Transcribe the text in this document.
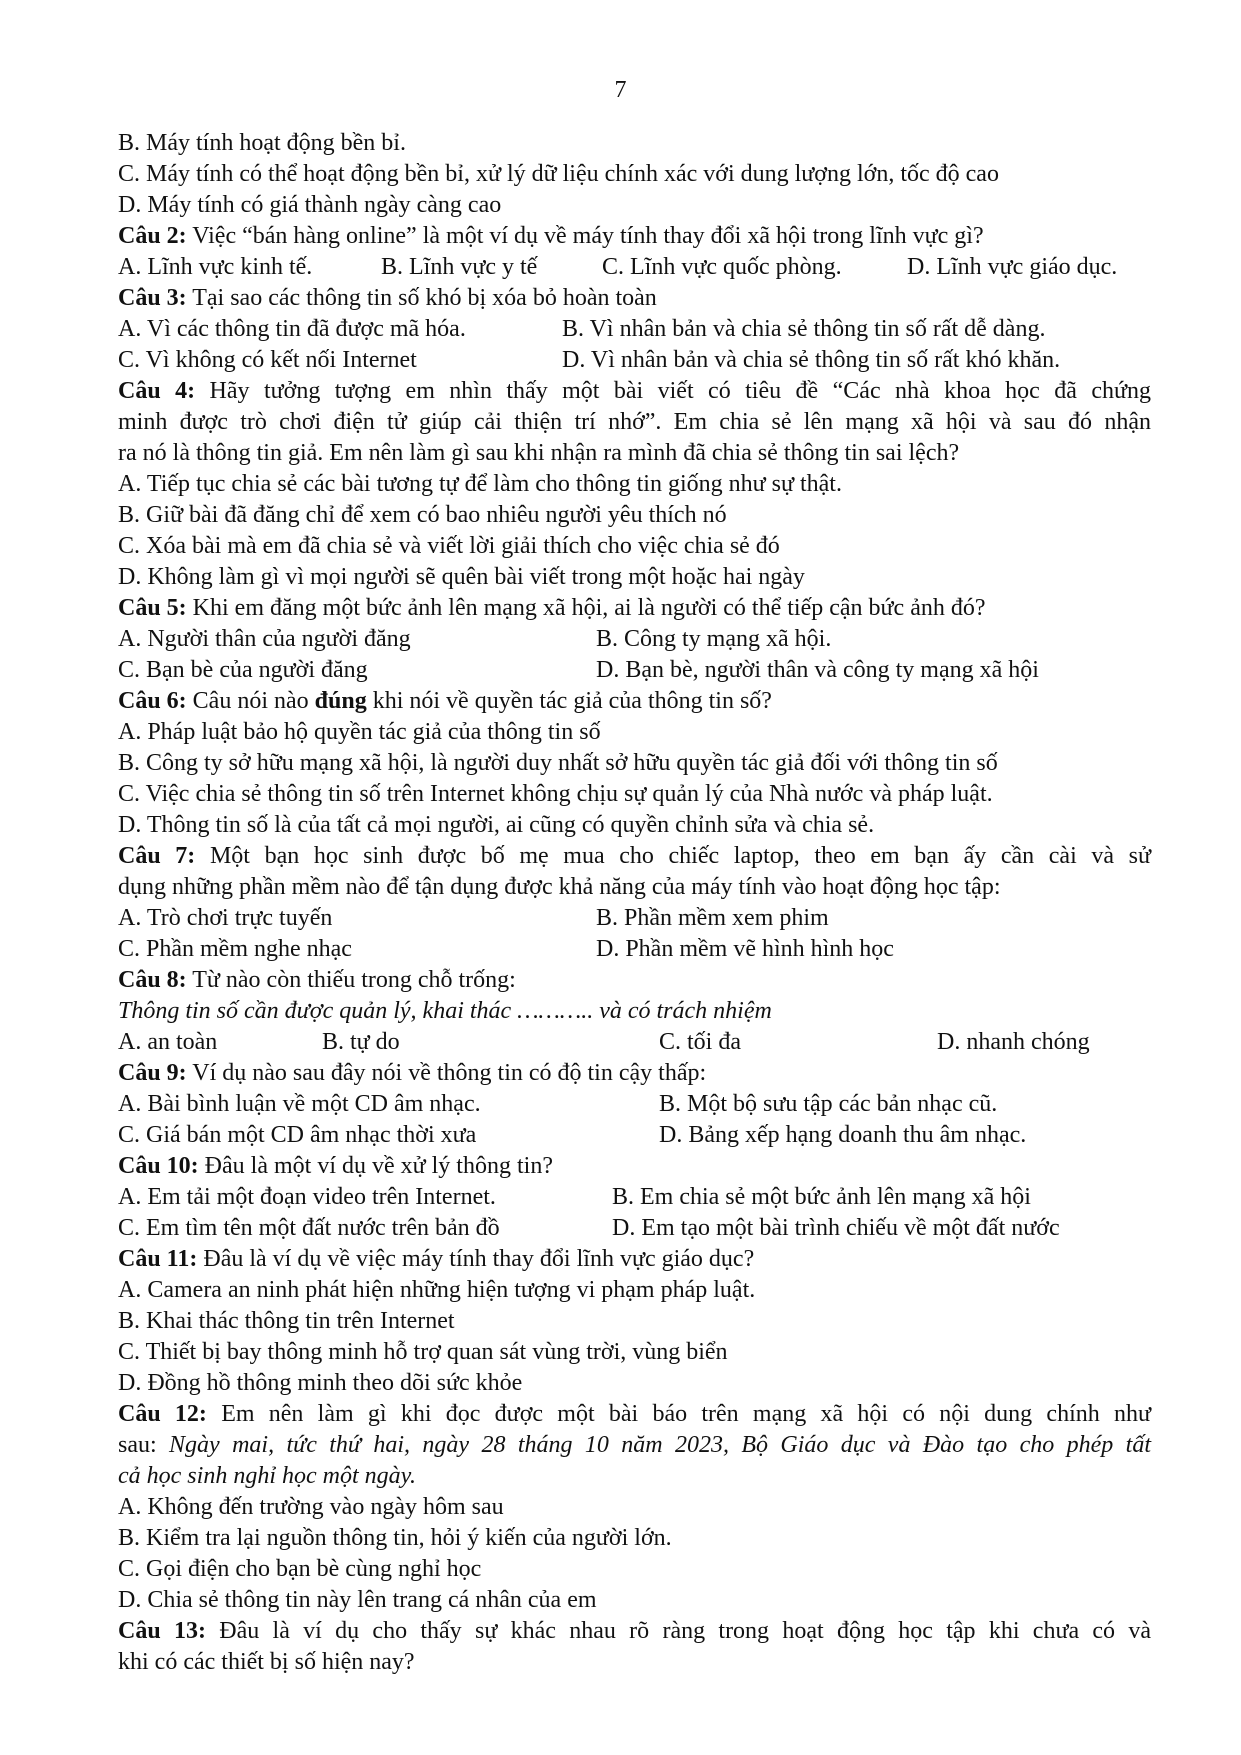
7
B. Máy tính hoạt động bền bỉ.
C. Máy tính có thể hoạt động bền bỉ, xử lý dữ liệu chính xác với dung lượng lớn, tốc độ cao
D. Máy tính có giá thành ngày càng cao
Câu 2: Việc “bán hàng online” là một ví dụ về máy tính thay đổi xã hội trong lĩnh vực gì?
A. Lĩnh vực kinh tế.	B. Lĩnh vực y tế	C. Lĩnh vực quốc phòng.	D. Lĩnh vực giáo dục.
Câu 3: Tại sao các thông tin số khó bị xóa bỏ hoàn toàn
A. Vì các thông tin đã được mã hóa.	B. Vì nhân bản và chia sẻ thông tin số rất dễ dàng.
C. Vì không có kết nối Internet	D. Vì nhân bản và chia sẻ thông tin số rất khó khăn.
Câu 4: Hãy tưởng tượng em nhìn thấy một bài viết có tiêu đề “Các nhà khoa học đã chứng
minh được trò chơi điện tử giúp cải thiện trí nhớ”. Em chia sẻ lên mạng xã hội và sau đó nhận
ra nó là thông tin giả. Em nên làm gì sau khi nhận ra mình đã chia sẻ thông tin sai lệch?
A. Tiếp tục chia sẻ các bài tương tự để làm cho thông tin giống như sự thật.
B. Giữ bài đã đăng chỉ để xem có bao nhiêu người yêu thích nó
C. Xóa bài mà em đã chia sẻ và viết lời giải thích cho việc chia sẻ đó
D. Không làm gì vì mọi người sẽ quên bài viết trong một hoặc hai ngày
Câu 5: Khi em đăng một bức ảnh lên mạng xã hội, ai là người có thể tiếp cận bức ảnh đó?
A. Người thân của người đăng	B. Công ty mạng xã hội.
C. Bạn bè của người đăng	D. Bạn bè, người thân và công ty mạng xã hội
Câu 6: Câu nói nào đúng khi nói về quyền tác giả của thông tin số?
A. Pháp luật bảo hộ quyền tác giả của thông tin số
B. Công ty sở hữu mạng xã hội, là người duy nhất sở hữu quyền tác giả đối với thông tin số
C. Việc chia sẻ thông tin số trên Internet không chịu sự quản lý của Nhà nước và pháp luật.
D. Thông tin số là của tất cả mọi người, ai cũng có quyền chỉnh sửa và chia sẻ.
Câu 7: Một bạn học sinh được bố mẹ mua cho chiếc laptop, theo em bạn ấy cần cài và sử
dụng những phần mềm nào để tận dụng được khả năng của máy tính vào hoạt động học tập:
A. Trò chơi trực tuyến	B. Phần mềm xem phim
C. Phần mềm nghe nhạc	D. Phần mềm vẽ hình hình học
Câu 8: Từ nào còn thiếu trong chỗ trống:
Thông tin số cần được quản lý, khai thác ……….. và có trách nhiệm
A. an toàn	B. tự do	C. tối đa	D. nhanh chóng
Câu 9: Ví dụ nào sau đây nói về thông tin có độ tin cậy thấp:
A. Bài bình luận về một CD âm nhạc.	B. Một bộ sưu tập các bản nhạc cũ.
C. Giá bán một CD âm nhạc thời xưa	D. Bảng xếp hạng doanh thu âm nhạc.
Câu 10: Đâu là một ví dụ về xử lý thông tin?
A. Em tải một đoạn video trên Internet.	B. Em chia sẻ một bức ảnh lên mạng xã hội
C. Em tìm tên một đất nước trên bản đồ	D. Em tạo một bài trình chiếu về một đất nước
Câu 11: Đâu là ví dụ về việc máy tính thay đổi lĩnh vực giáo dục?
A. Camera an ninh phát hiện những hiện tượng vi phạm pháp luật.
B. Khai thác thông tin trên Internet
C. Thiết bị bay thông minh hỗ trợ quan sát vùng trời, vùng biển
D. Đồng hồ thông minh theo dõi sức khỏe
Câu 12: Em nên làm gì khi đọc được một bài báo trên mạng xã hội có nội dung chính như
sau: Ngày mai, tức thứ hai, ngày 28 tháng 10 năm 2023, Bộ Giáo dục và Đào tạo cho phép tất
cả học sinh nghỉ học một ngày.
A. Không đến trường vào ngày hôm sau
B. Kiểm tra lại nguồn thông tin, hỏi ý kiến của người lớn.
C. Gọi điện cho bạn bè cùng nghỉ học
D. Chia sẻ thông tin này lên trang cá nhân của em
Câu 13: Đâu là ví dụ cho thấy sự khác nhau rõ ràng trong hoạt động học tập khi chưa có và
khi có các thiết bị số hiện nay?
